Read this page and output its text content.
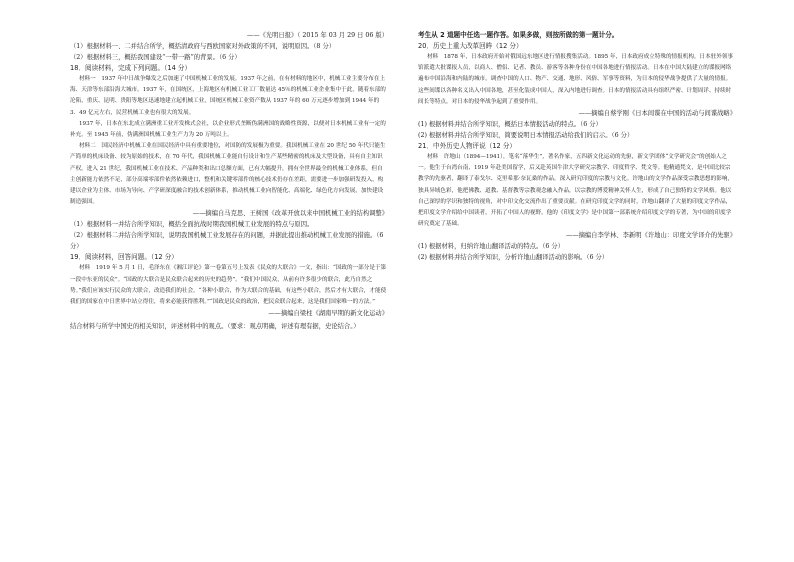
——《光明日报》（ 2015 年 03 月 29 日 06 版）

（1）根据材料一、二并结合所学，概括清政府与西欧国家对外政策的不同，说明原因。（8 分）

（2）根据材料三，概括我国建设“一带一路”的背景。（6 分）

18．阅读材料，完成下列问题。（14 分）

材料一　1937 年中日战争爆发之后加速了中国机械工业的发展。1937 年之前，在有材料的地区中，机械工业主要分布在上海、天津等东部沿海大城市。1937 年，在国统区，上海地区有机械工业工厂数量达 45％的机械工业企业集中于此，随着东部的沦陷，重庆、昆明、贵阳等地区迅速地建立起机械工业，国统区机械工业资产数从 1937 年的 60 万元逐步增加到 1944 年的 3．49 亿元左右，民营机械工业也有很大的发展。

1937 年，日本在东北成立满洲重工业开发株式会社，以企业形式垄断伪满洲国的战略性资源，以便对日本机械工业有一定的补充。至 1945 年前，伪满洲国机械工业生产力为 20 万吨以上。

材料二　国民经济中机械工业在国民经济中具有重要地位，对国防的发展极为重要。我国机械工业在 20 世纪 50 年代只能生产简单的机床设备、较为原始的技术，在 70 年代，我国机械工业能自行设计和生产某些精密的机床及大型设备，具有自主知识产权。进入 21 世纪，我国机械工业在技术、产品种类和出口总额方面，已有大幅提升，拥有全世界最全的机械工业体系，但自主创新能力依然不足，部分高端零部件依然依赖进口，整机和关键零部件的核心技术仍存在差距，需要进一步加强研发投入，构建以企业为主体、市场为导向、产学研深度融合的技术创新体系，推动机械工业向智能化、高端化、绿色化方向发展，加快建设制造强国。

——摘编自马克思、王树国《改革开放以来中国机械工业的结构调整》

（1）根据材料一并结合所学知识，概括全面抗战时期我国机械工业发展的特点与原因。

（2）根据材料二并结合所学知识，说明我国机械工业发展存在的问题，并据此提出推动机械工业发展的措施。（6 分）

19．阅读材料，回答问题。（12 分）

材料　1919 年 5 月 1 日，毛泽东在《湘江评论》第一卷第五号上发表《民众的大联合》一文，指出：“国政的一部分是于第一段中东亚的民众”。“国政的大联合是民众联合起来的历史的趋势”。“我们中国民众，从前有许多很少的联合，此乃自然之势。”我们应该实行民众的大联合，改造我们的社会。“各种小联合，作为大联合的基础，有这些小联合，然后才有大联合，才能使我们的国家在中日世界中站立得住，将来必能获得胜利。”“国政是民众的政治，把民众联合起来，这是我们国家唯一的方法。”

——摘编自梁柱《湖南早期的新文化运动》

结合材料与所学中国史的相关知识，评述材料中的观点。（要求：观点明确，评述有理有据，史论结合。）

考生从 2 道题中任选一题作答。如果多做，则按所做的第一题计分。

20．历史上重大改革回眸（12 分）

材料　1878 年，日本政府开始对俄国远东地区进行情报搜集活动。1895 年，日本政府成立特殊的情报机构。日本驻外领事馆派遣大批谍报人员，以商人、僧侣、记者、教员、游客等各种身份在中国各地进行情报活动。日本在中国大陆建立的谍报网络遍布中国沿海和内陆的城市，调查中国的人口、物产、交通、地形、风俗、军事等资料，为日本的侵华战争提供了大量的情报。这些间谍以各种名义出入中国各地，甚至化装成中国人，深入内地进行调查。日本的情报活动具有组织严密、计划周详、持续时间长等特点，对日本的侵华战争起到了重要作用。

——摘编自蔡学刚《日本间谍在中国的活动与间谍战略》

(1) 根据材料并结合所学知识，概括日本情报活动的特点。（6 分）

(2) 根据材料并结合所学知识，简要说明日本情报活动给我们的启示。（6 分）

21．中外历史人物评说（12 分）

材料　许地山（1894—1941），笔名“落华生”，著名作家，五四新文化运动的先驱，新文学团体“文学研究会”的创始人之一。他生于台湾台南，1919 年赴美国留学，后又赴英国牛津大学研究宗教学、印度哲学、梵文等。他精通梵文，是中国比较宗教学的先驱者，翻译了泰戈尔、克里希那·奈瓦桑的作品，深入研究印度的宗教与文化。许地山的文学作品深受宗教思想的影响，独具异域色彩，他把佛教、道教、基督教等宗教观念融入作品，以宗教的博爱精神关怀人生，形成了自己独特的文学风格。他以自己深厚的学识和独特的视角，对中印文化交流作出了重要贡献。在研究印度文学的同时，许地山翻译了大量的印度文学作品，把印度文学介绍给中国读者，开拓了中国人的视野。他的《印度文学》是中国第一部系统介绍印度文学的专著，为中国的印度学研究奠定了基础。

——摘编自李学林、李新明《许地山：印度文学译介的先驱》

(1) 根据材料，归纳许地山翻译活动的特点。（6 分）

(2) 根据材料并结合所学知识，分析许地山翻译活动的影响。（6 分）
